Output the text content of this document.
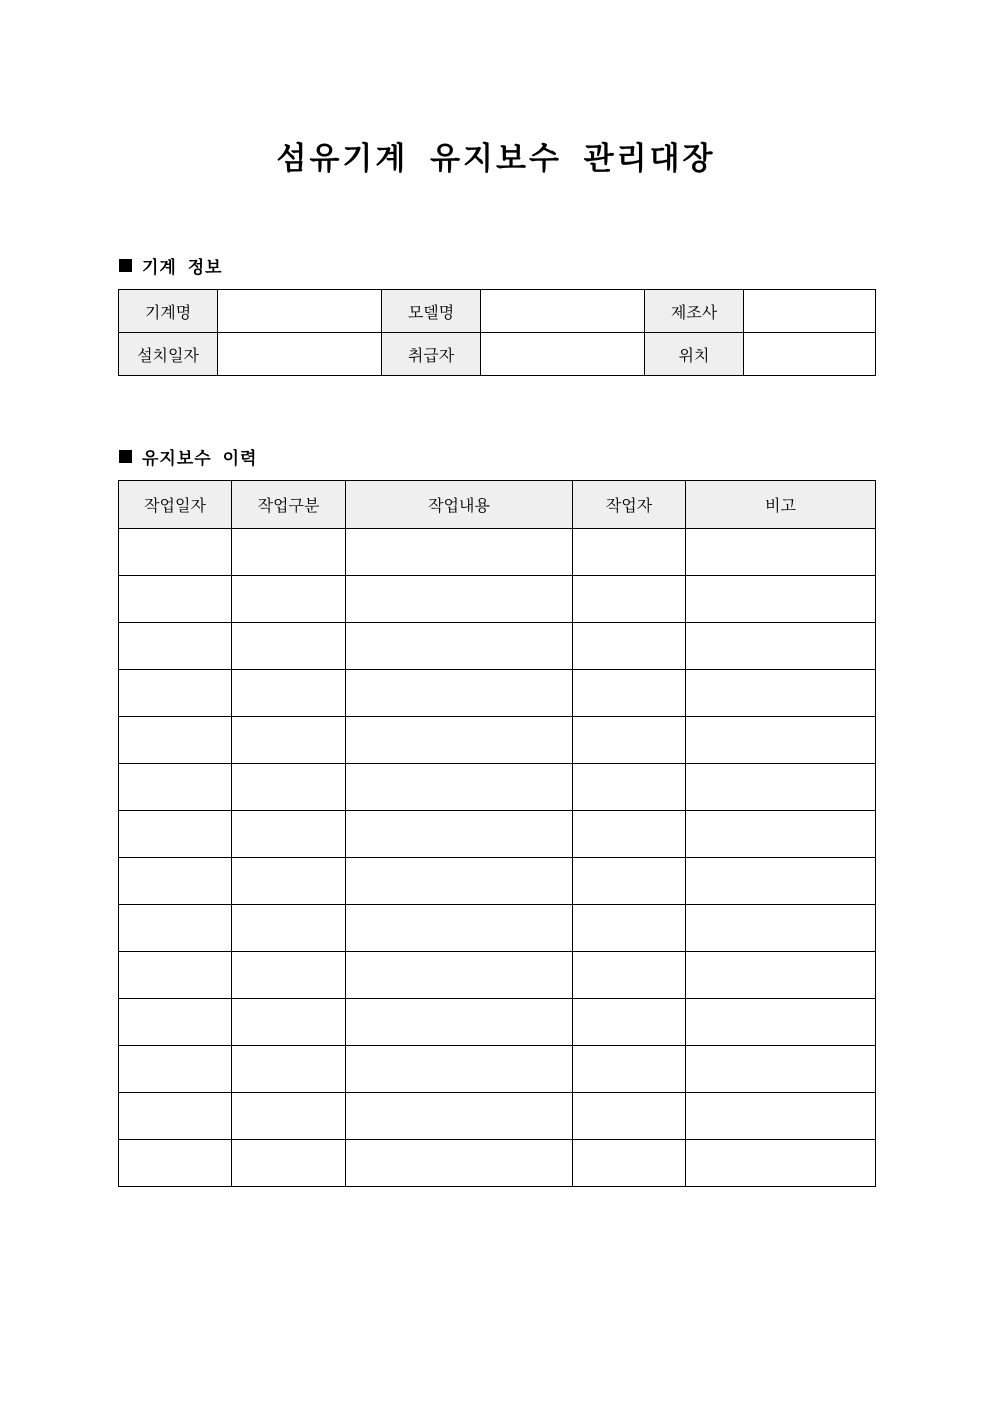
섬유기계 유지보수 관리대장
기계 정보
기계명		모델명		제조사	
설치일자		취급자		위치	
유지보수 이력
작업일자	작업구분	작업내용	작업자	비고
